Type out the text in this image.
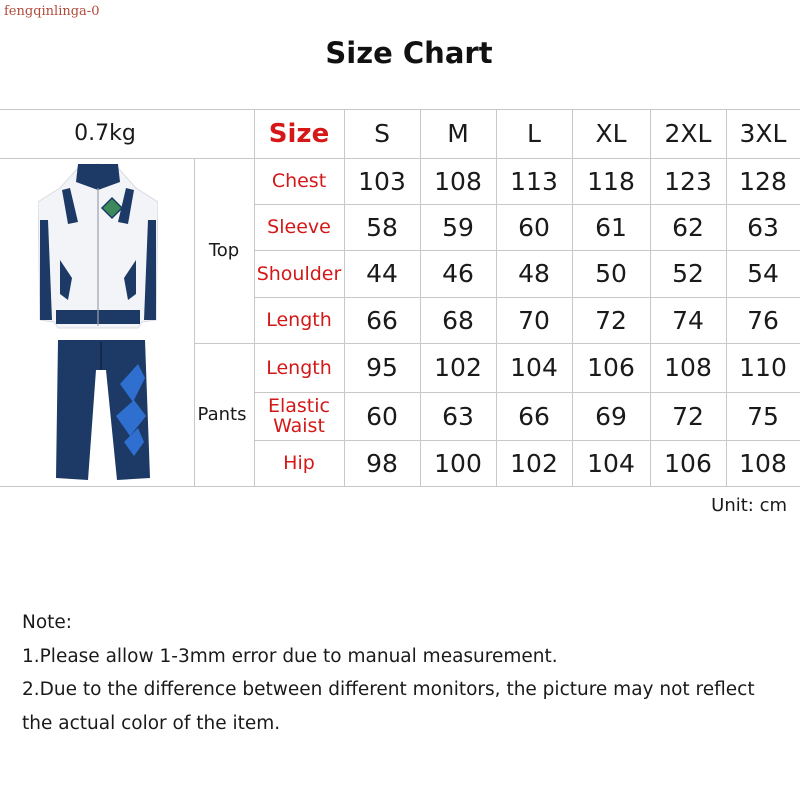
fengqinlinga-0
Size Chart
0.7kg	Size	S	M	L	XL	2XL	3XL
Top
Pants
Chest	103	108	113	118	123	128
Sleeve	58	59	60	61	62	63
Shoulder 44	46	48	50	52	54
Length	66	68	70	72	74	76
Length	95	102	104	106	108	110
Elastic
Waist	60	63	66	69	72	75
Hip	98	100	102	104	106	108
Unit: cm
Note:
1.Please allow 1-3mm error due to manual measurement.
2.Due to the difference between different monitors, the picture may not reflect
the actual color of the item.
